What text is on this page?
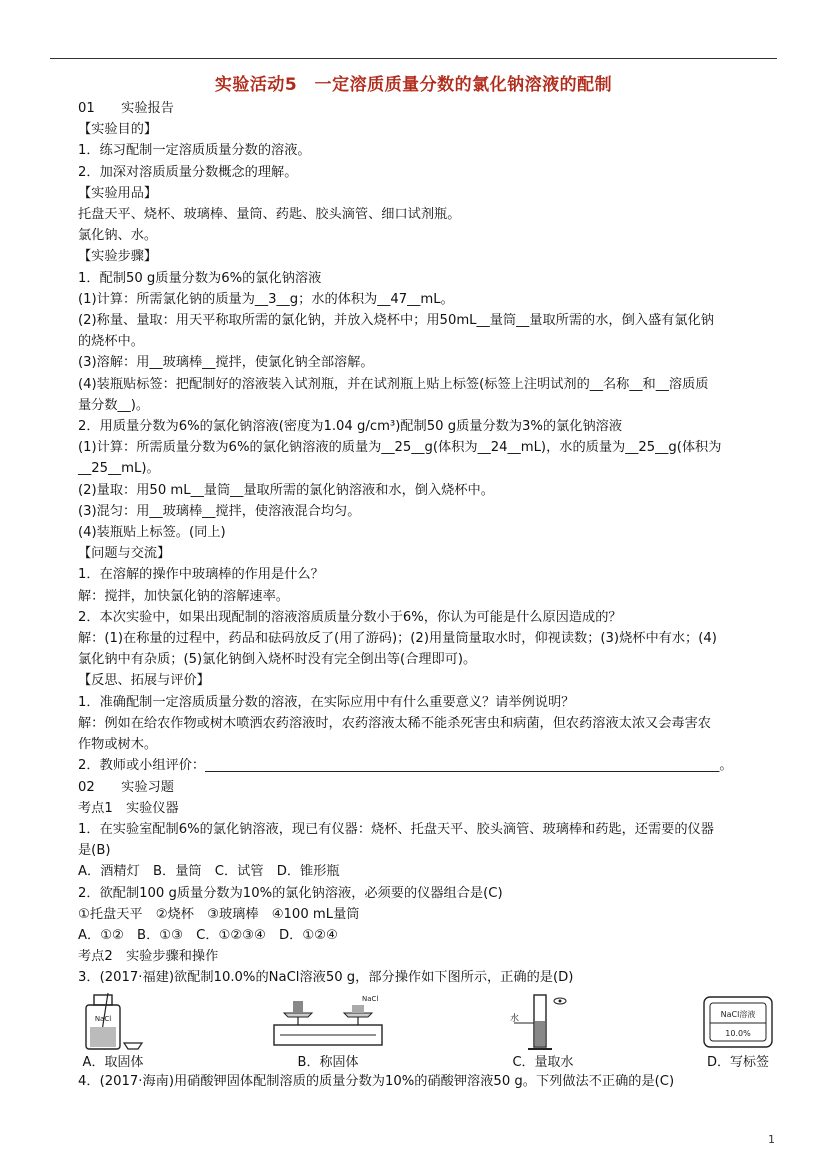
实验活动5　一定溶质质量分数的氯化钠溶液的配制
01　　实验报告
【实验目的】
1．练习配制一定溶质质量分数的溶液。
2．加深对溶质质量分数概念的理解。
【实验用品】
托盘天平、烧杯、玻璃棒、量筒、药匙、胶头滴管、细口试剂瓶。
氯化钠、水。
【实验步骤】
1．配制50 g质量分数为6%的氯化钠溶液
(1)计算：所需氯化钠的质量为__3__g；水的体积为__47__mL。
(2)称量、量取：用天平称取所需的氯化钠，并放入烧杯中；用50mL__量筒__量取所需的水，倒入盛有氯化钠
的烧杯中。
(3)溶解：用__玻璃棒__搅拌，使氯化钠全部溶解。
(4)装瓶贴标签：把配制好的溶液装入试剂瓶，并在试剂瓶上贴上标签(标签上注明试剂的__名称__和__溶质质
量分数__)。
2．用质量分数为6%的氯化钠溶液(密度为1.04 g/cm³)配制50 g质量分数为3%的氯化钠溶液
(1)计算：所需质量分数为6%的氯化钠溶液的质量为__25__g(体积为__24__mL)，水的质量为__25__g(体积为
__25__mL)。
(2)量取：用50 mL__量筒__量取所需的氯化钠溶液和水，倒入烧杯中。
(3)混匀：用__玻璃棒__搅拌，使溶液混合均匀。
(4)装瓶贴上标签。(同上)
【问题与交流】
1．在溶解的操作中玻璃棒的作用是什么？
解：搅拌，加快氯化钠的溶解速率。
2．本次实验中，如果出现配制的溶液溶质质量分数小于6%，你认为可能是什么原因造成的？
解：(1)在称量的过程中，药品和砝码放反了(用了游码)；(2)用量筒量取水时，仰视读数；(3)烧杯中有水；(4)
氯化钠中有杂质；(5)氯化钠倒入烧杯时没有完全倒出等(合理即可)。
【反思、拓展与评价】
1．准确配制一定溶质质量分数的溶液，在实际应用中有什么重要意义？请举例说明？
解：例如在给农作物或树木喷洒农药溶液时，农药溶液太稀不能杀死害虫和病菌，但农药溶液太浓又会毒害农
作物或树木。
2．教师或小组评价：______________________________________________________________________________。
02　　实验习题
考点1　实验仪器
1．在实验室配制6%的氯化钠溶液，现已有仪器：烧杯、托盘天平、胶头滴管、玻璃棒和药匙，还需要的仪器
是(B)
A．酒精灯　B．量筒　C．试管　D．锥形瓶
2．欲配制100 g质量分数为10%的氯化钠溶液，必须要的仪器组合是(C)
①托盘天平　②烧杯　③玻璃棒　④100 mL量筒
A．①②　B．①③　C．①②③④　D．①②④
考点2　实验步骤和操作
3．(2017·福建)欲配制10.0%的NaCl溶液50 g，部分操作如下图所示，正确的是(D)
NaCl
A．取固体
NaCl
B．称固体
水
C．量取水
NaCl溶液
10.0%
D．写标签
4．(2017·海南)用硝酸钾固体配制溶质的质量分数为10%的硝酸钾溶液50 g。下列做法不正确的是(C)
1
